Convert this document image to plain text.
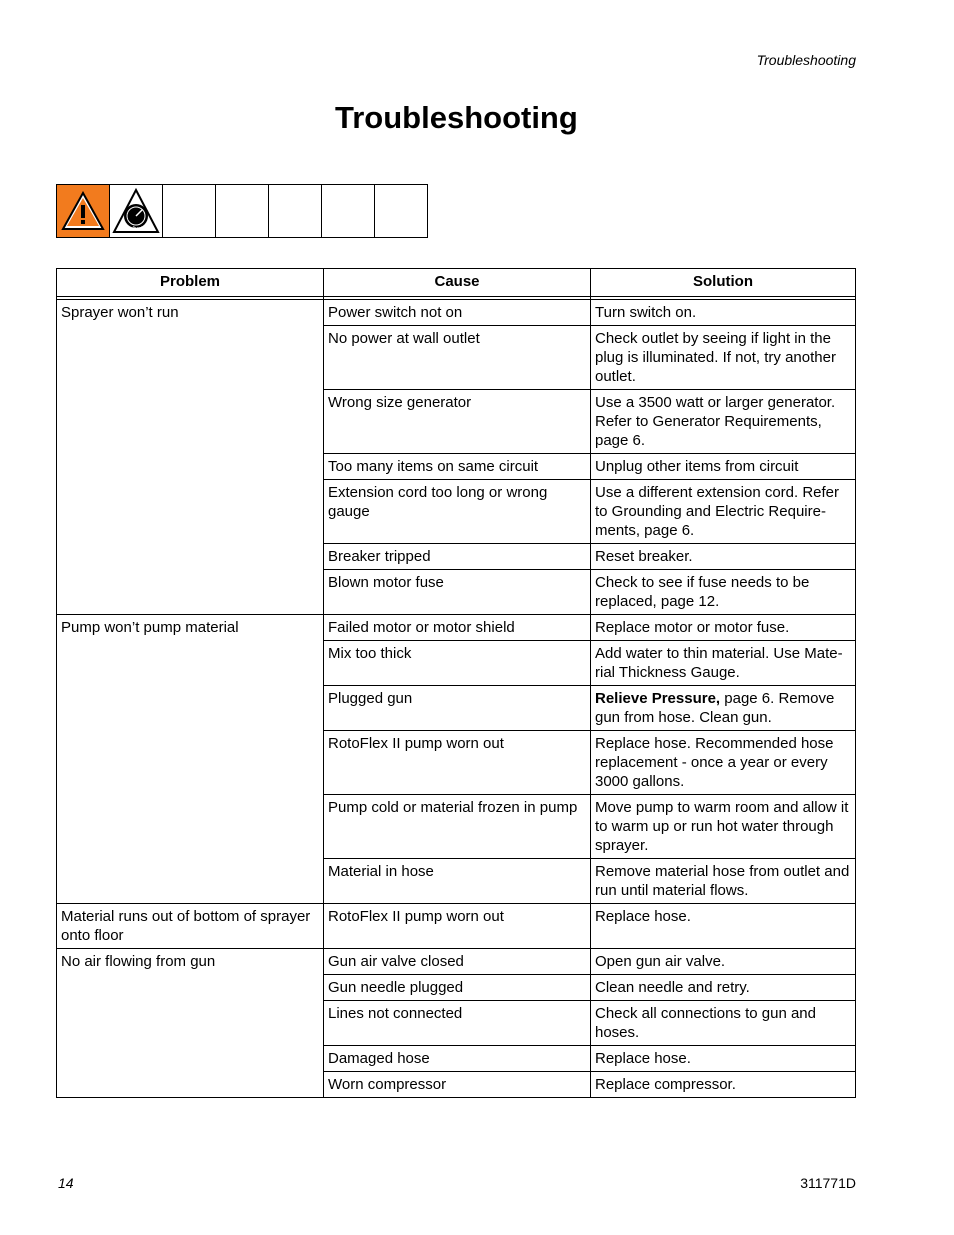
Troubleshooting
Troubleshooting
MPa/bar/PSI
Problem	Cause	Solution

Sprayer won’t run	Power switch not on	Turn switch on.
	No power at wall outlet	Check outlet by seeing if light in the plug is illuminated. If not, try another outlet.
	Wrong size generator	Use a 3500 watt or larger generator. Refer to Generator Requirements, page 6.
	Too many items on same circuit	Unplug other items from circuit
	Extension cord too long or wrong gauge	Use a different extension cord. Refer to Grounding and Electric Require-ments, page 6.
	Breaker tripped	Reset breaker.
	Blown motor fuse	Check to see if fuse needs to be replaced, page 12.
Pump won’t pump material	Failed motor or motor shield	Replace motor or motor fuse.
	Mix too thick	Add water to thin material. Use Mate-rial Thickness Gauge.
	Plugged gun	Relieve Pressure, page 6. Remove gun from hose. Clean gun.
	RotoFlex II pump worn out	Replace hose. Recommended hose replacement - once a year or every 3000 gallons.
	Pump cold or material frozen in pump	Move pump to warm room and allow it to warm up or run hot water through sprayer.
	Material in hose	Remove material hose from outlet and run until material flows.
Material runs out of bottom of sprayer onto floor	RotoFlex II pump worn out	Replace hose.
No air flowing from gun	Gun air valve closed	Open gun air valve.
	Gun needle plugged	Clean needle and retry.
	Lines not connected	Check all connections to gun and hoses.
	Damaged hose	Replace hose.
	Worn compressor	Replace compressor.
14	311771D
